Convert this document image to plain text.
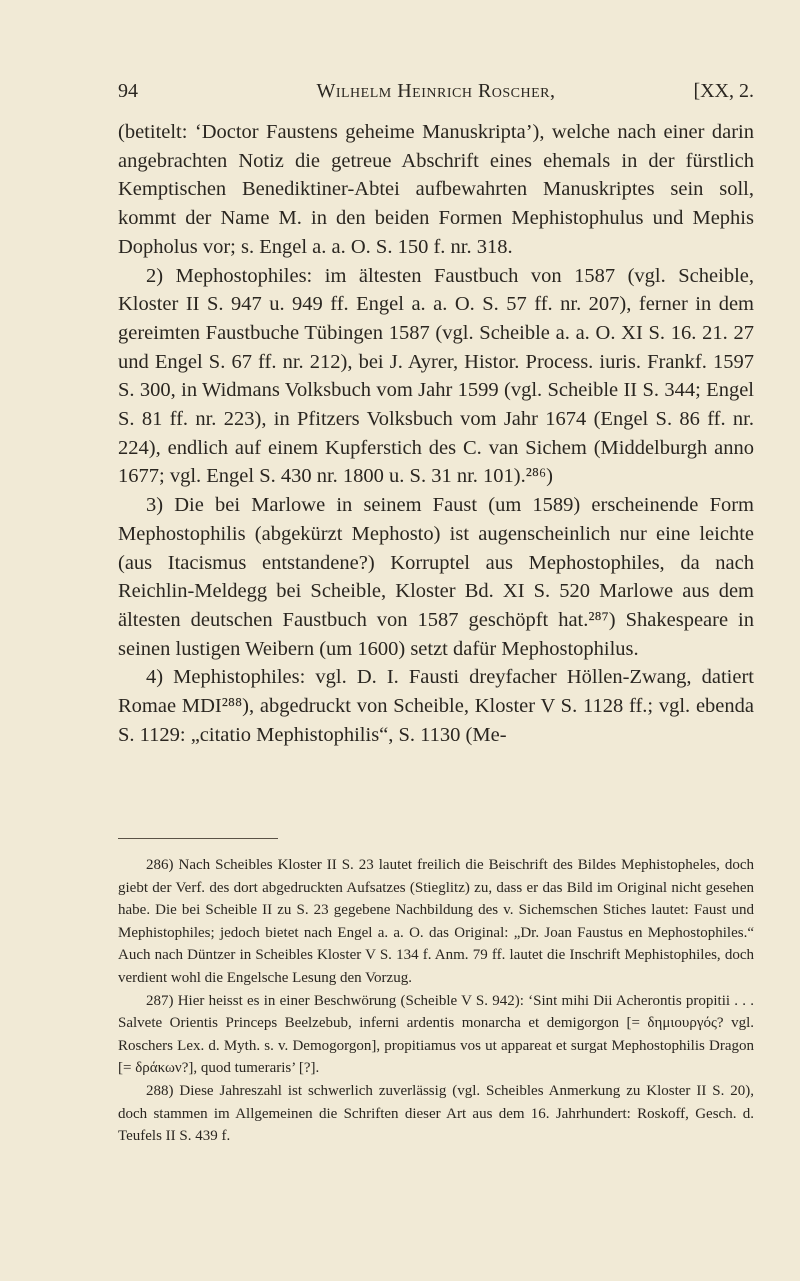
94	Wilhelm Heinrich Roscher,	[XX, 2.

(betitelt: ‘Doctor Faustens geheime Manuskripta’), welche nach einer darin angebrachten Notiz die getreue Abschrift eines ehemals in der fürstlich Kemptischen Benediktiner-Abtei aufbewahrten Manuskriptes sein soll, kommt der Name M. in den beiden Formen Mephistophulus und Mephis Dopholus vor; s. Engel a. a. O. S. 150 f. nr. 318.

2) Mephostophiles: im ältesten Faustbuch von 1587 (vgl. Scheible, Kloster II S. 947 u. 949 ff. Engel a. a. O. S. 57 ff. nr. 207), ferner in dem gereimten Faustbuche Tübingen 1587 (vgl. Scheible a. a. O. XI S. 16. 21. 27 und Engel S. 67 ff. nr. 212), bei J. Ayrer, Histor. Process. iuris. Frankf. 1597 S. 300, in Widmans Volksbuch vom Jahr 1599 (vgl. Scheible II S. 344; Engel S. 81 ff. nr. 223), in Pfitzers Volksbuch vom Jahr 1674 (Engel S. 86 ff. nr. 224), endlich auf einem Kupferstich des C. van Sichem (Middelburgh anno 1677; vgl. Engel S. 430 nr. 1800 u. S. 31 nr. 101).²⁸⁶)

3) Die bei Marlowe in seinem Faust (um 1589) erscheinende Form Mephostophilis (abgekürzt Mephosto) ist augenscheinlich nur eine leichte (aus Itacismus entstandene?) Korruptel aus Mephostophiles, da nach Reichlin-Meldegg bei Scheible, Kloster Bd. XI S. 520 Marlowe aus dem ältesten deutschen Faustbuch von 1587 geschöpft hat.²⁸⁷) Shakespeare in seinen lustigen Weibern (um 1600) setzt dafür Mephostophilus.

4) Mephistophiles: vgl. D. I. Fausti dreyfacher Höllen-Zwang, datiert Romae MDI²⁸⁸), abgedruckt von Scheible, Kloster V S. 1128 ff.; vgl. ebenda S. 1129: „citatio Mephistophilis“, S. 1130 (Me-

286) Nach Scheibles Kloster II S. 23 lautet freilich die Beischrift des Bildes Mephistopheles, doch giebt der Verf. des dort abgedruckten Aufsatzes (Stieglitz) zu, dass er das Bild im Original nicht gesehen habe. Die bei Scheible II zu S. 23 gegebene Nachbildung des v. Sichemschen Stiches lautet: Faust und Mephistophiles; jedoch bietet nach Engel a. a. O. das Original: „Dr. Joan Faustus en Mephostophiles.“ Auch nach Düntzer in Scheibles Kloster V S. 134 f. Anm. 79 ff. lautet die Inschrift Mephistophiles, doch verdient wohl die Engelsche Lesung den Vorzug.

287) Hier heisst es in einer Beschwörung (Scheible V S. 942): ‘Sint mihi Dii Acherontis propitii . . . Salvete Orientis Princeps Beelzebub, inferni ardentis monarcha et demigorgon [= δημιουργός? vgl. Roschers Lex. d. Myth. s. v. Demogorgon], propitiamus vos ut appareat et surgat Mephostophilis Dragon [= δράκων?], quod tumeraris’ [?].

288) Diese Jahreszahl ist schwerlich zuverlässig (vgl. Scheibles Anmerkung zu Kloster II S. 20), doch stammen im Allgemeinen die Schriften dieser Art aus dem 16. Jahrhundert: Roskoff, Gesch. d. Teufels II S. 439 f.
